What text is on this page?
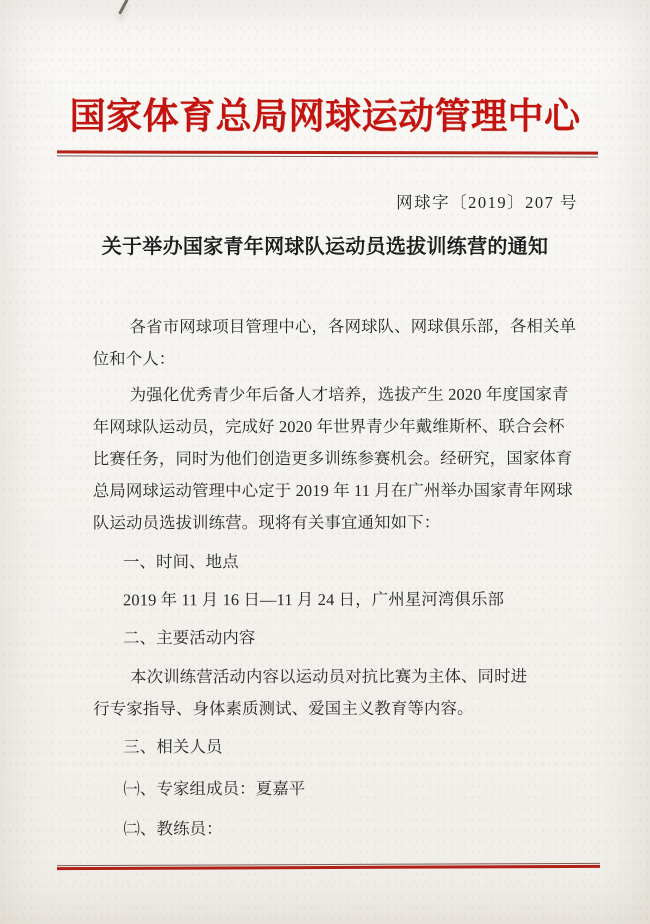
国家体育总局网球运动管理中心
网球字〔2019〕207 号
关于举办国家青年网球队运动员选拔训练营的通知
各省市网球项目管理中心，各网球队、网球俱乐部，各相关单
位和个人：
为强化优秀青少年后备人才培养，选拔产生 2020 年度国家青
年网球队运动员，完成好 2020 年世界青少年戴维斯杯、联合会杯
比赛任务，同时为他们创造更多训练参赛机会。经研究，国家体育
总局网球运动管理中心定于 2019 年 11 月在广州举办国家青年网球
队运动员选拔训练营。现将有关事宜通知如下：
一、时间、地点
2019 年 11 月 16 日—11 月 24 日，广州星河湾俱乐部
二、主要活动内容
本次训练营活动内容以运动员对抗比赛为主体、同时进
行专家指导、身体素质测试、爱国主义教育等内容。
三、相关人员
㈠、专家组成员：夏嘉平
㈡、教练员：
